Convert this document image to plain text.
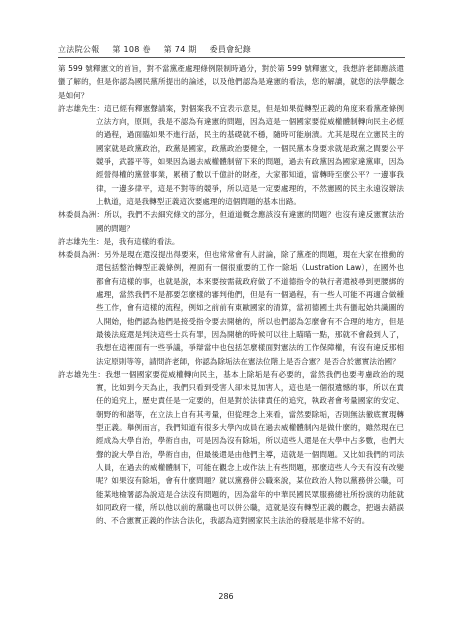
立法院公報 第 108 卷 第 74 期 委員會紀錄

第 599 號釋憲文的首旨，對不當黨產處理條例限制時過分，對於第 599 號釋憲文，我想許老師應該還蠻了解的，但是你認為國民黨所提出的論述，以及他們認為是違憲的看法，您的解讀，就您的法學觀念是如何？

許志雄先生：這已經有釋憲聲請案，對個案我不宜表示意見，但是如果從轉型正義的角度來看黨產條例立法方向，原則，我是不認為有違憲的問題，因為這是一個國家要從威權體制轉向民主必經的過程，過面臨如果不進行話，民主的基礎就不穩，隨時可能崩潰。尤其是現在立憲民主的國家就是政黨政治，政黨是國家，政黨政治要健全，一個民黨本身要求就是政黨之間要公平競爭，武器平等，如果因為過去威權體制留下來的問題，過去有政黨因為國家違黨庫，因為經營得權的黨營事業，累積了數以千億計的財產，大家都知道，當轉時至麼公平？一邊事我律，一邊多律平，這是不對等的競爭，所以這是一定要處理的，不然憲國的民主永遠沒辦法上軌道，這是我轉型正義這次要處理的這個問題的基本出路。

林委員為洲：所以，我們不去細究條文的部分，但道道概念應該沒有違憲的問題？也沒有違反憲實法治國的問題？

許志雄先生：是，我有這樣的看法。

林委員為洲：另外是現在還沒提出得要來，但也常常會有人討論，除了黨產的問題，現在大家在推動的還包括整治轉型正義條例，裡面有一個很重要的工作一除垢（Lustration Law），在國外也都會有這樣的事，也就是說，本來要按需裁政府做了不道德指令的執行者還被尋到更腰綁的處理，當然我們不是都要怎麼樣的審判他們，但是有一個過程，有一些人可能不再適合做種些工作，會有這樣的流程，例如之前前有東歐國家的清算，當初德國土共有蠻起始共識圖的人開始，他們認為他們是接受指令要去開槍的，所以也們認為怎麼會有不合理的地方，但是最後法庭還是判決這些士兵有罪，因為開槍的時候可以往上瞄瞄一點，那就不會殺到人了，我想在這裡面有一些爭議，爭辯當中也包括怎麼樣面對憲法的工作保障權，有沒有違反那相法定原則等等，請問許老師，你認為除垢法在憲法位階上是否合憲？是否合於憲實法治國？

許志雄先生：我想一個國家要從威權轉向民主，基本上除垢是有必要的，當然我們也要考慮政治的現實，比如到今天為止，我們只看到受害人卻未見加害人，這也是一個很遺憾的事，所以在責任的追究上，歷史責任是一定要的，但是對於法律責任的追究，執政者會考量國家的安定、朝野的和諧等，在立法上自有其考量，但從理念上來看，當然要除垢，否則無法徹底實現轉型正義。舉例而言，我們知道有很多大學內成員在過去威權體制內是做什麼的，雖然現在已經成為大學自治，學術自由，可是因為沒有除垢，所以這些人還是在大學中占多數，也們大聲的說大學自治，學術自由，但最後還是由他們主導，這就是一個問題。又比如我們的司法人員，在過去的威權體制下，可能在觀念上或作法上有些問題，那麼這些人今天有沒有改變呢？如果沒有除垢，會有什麼問題？就以黨務併公職來說，某位政治人物以黨務併公職，可能某地檢署認為說這是合法沒有問題的，因為當年的中華民國民眾服務總社所扮演的功能就如同政府一樣，所以他以前的黨職也可以併公職，這就是沒有轉型正義的觀念，把過去錯誤的、不合憲實正義的作法合法化，我認為這對國家民主法治的發展是非常不好的。

286
